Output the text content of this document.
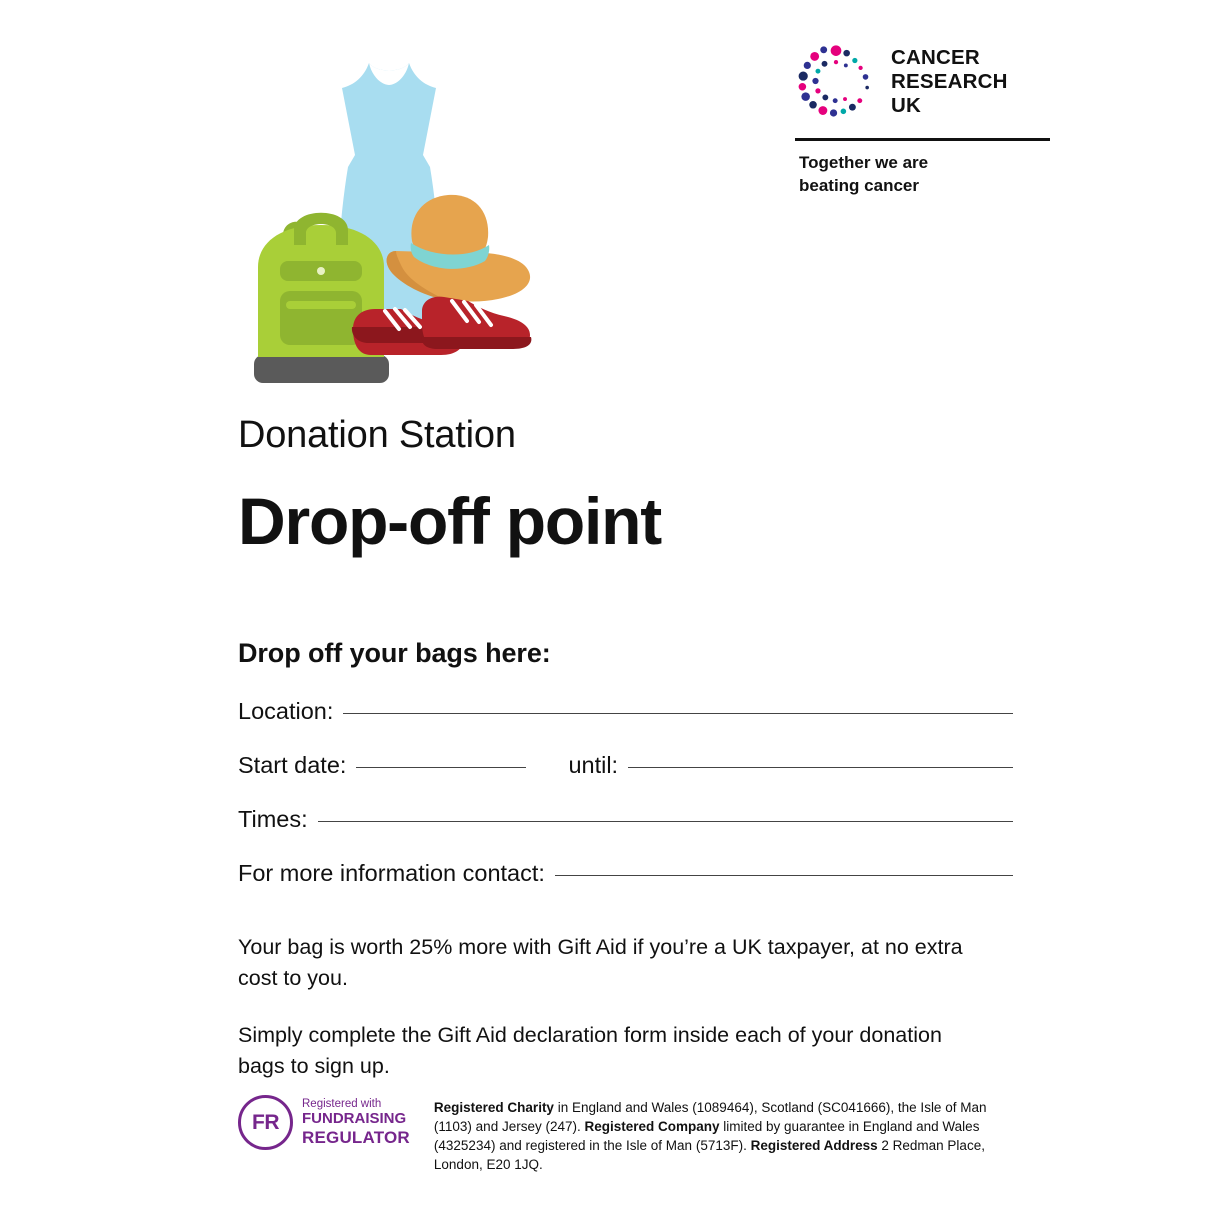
CANCER
RESEARCH
UK
Together we are
beating cancer
Donation Station
Drop-off point
Drop off your bags here:
Location:
Start date:	until:
Times:
For more information contact:
Your bag is worth 25% more with Gift Aid if you’re a UK taxpayer, at no extra cost to you.
Simply complete the Gift Aid declaration form inside each of your donation bags to sign up.
FR
Registered with
FUNDRAISING
REGULATOR
Registered Charity in England and Wales (1089464), Scotland (SC041666), the Isle of Man (1103) and Jersey (247). Registered Company limited by guarantee in England and Wales (4325234) and registered in the Isle of Man (5713F). Registered Address 2 Redman Place, London, E20 1JQ.
